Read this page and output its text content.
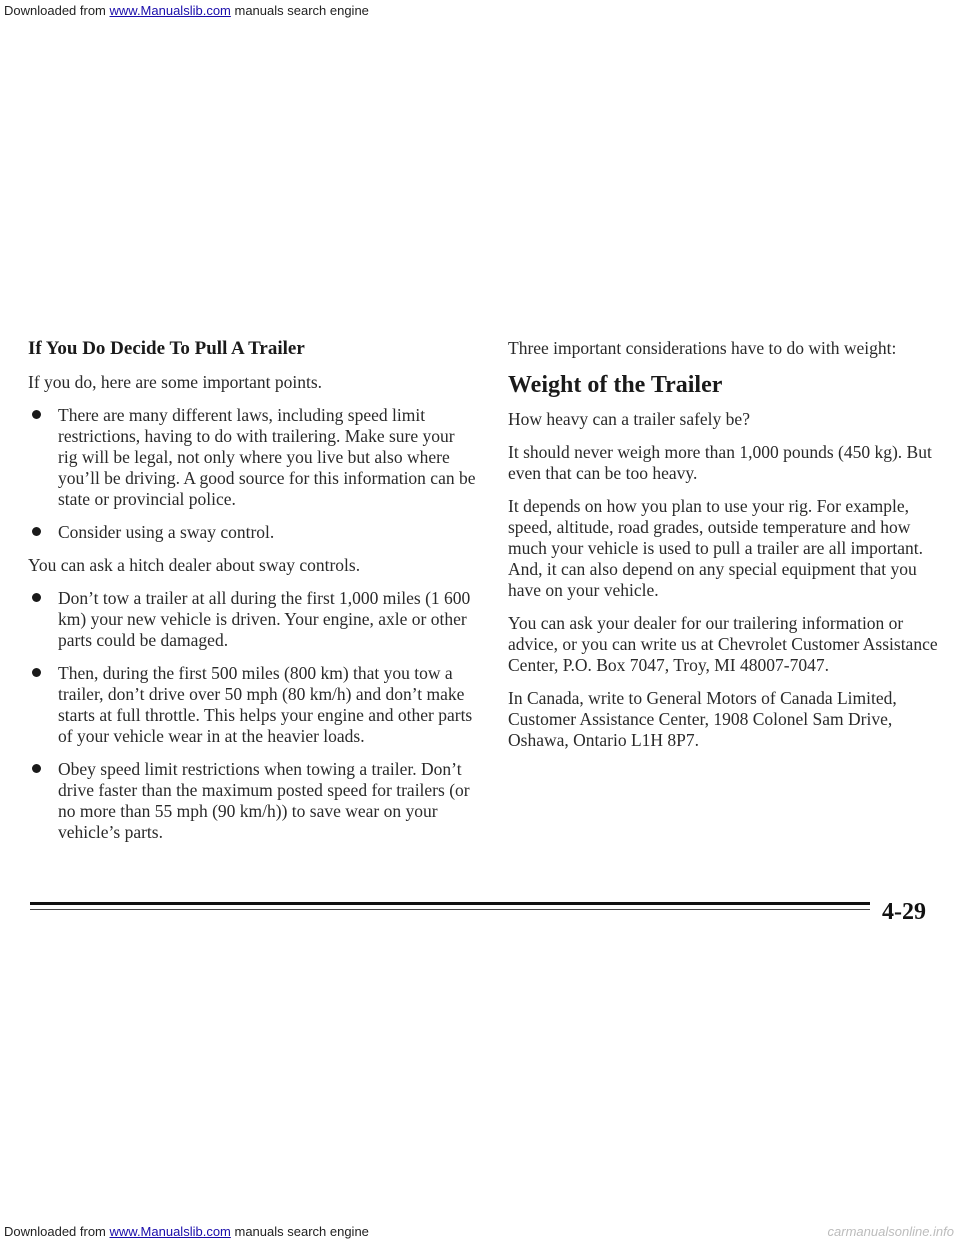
Downloaded from www.Manualslib.com manuals search engine
If You Do Decide To Pull A Trailer

If you do, here are some important points.

There are many different laws, including speed limit restrictions, having to do with trailering. Make sure your rig will be legal, not only where you live but also where you’ll be driving. A good source for this information can be state or provincial police.
Consider using a sway control.

You can ask a hitch dealer about sway controls.

Don’t tow a trailer at all during the first 1,000 miles (1 600 km) your new vehicle is driven. Your engine, axle or other parts could be damaged.
Then, during the first 500 miles (800 km) that you tow a trailer, don’t drive over 50 mph (80 km/h) and don’t make starts at full throttle. This helps your engine and other parts of your vehicle wear in at the heavier loads.
Obey speed limit restrictions when towing a trailer. Don’t drive faster than the maximum posted speed for trailers (or no more than 55 mph (90 km/h)) to save wear on your vehicle’s parts.

Three important considerations have to do with weight:

Weight of the Trailer

How heavy can a trailer safely be?

It should never weigh more than 1,000 pounds (450 kg). But even that can be too heavy.

It depends on how you plan to use your rig. For example, speed, altitude, road grades, outside temperature and how much your vehicle is used to pull a trailer are all important. And, it can also depend on any special equipment that you have on your vehicle.

You can ask your dealer for our trailering information or advice, or you can write us at Chevrolet Customer Assistance Center, P.O. Box 7047, Troy, MI 48007-7047.

In Canada, write to General Motors of Canada Limited, Customer Assistance Center, 1908 Colonel Sam Drive, Oshawa, Ontario L1H 8P7.

4-29
Downloaded from www.Manualslib.com manuals search engine	carmanualsonline.info
